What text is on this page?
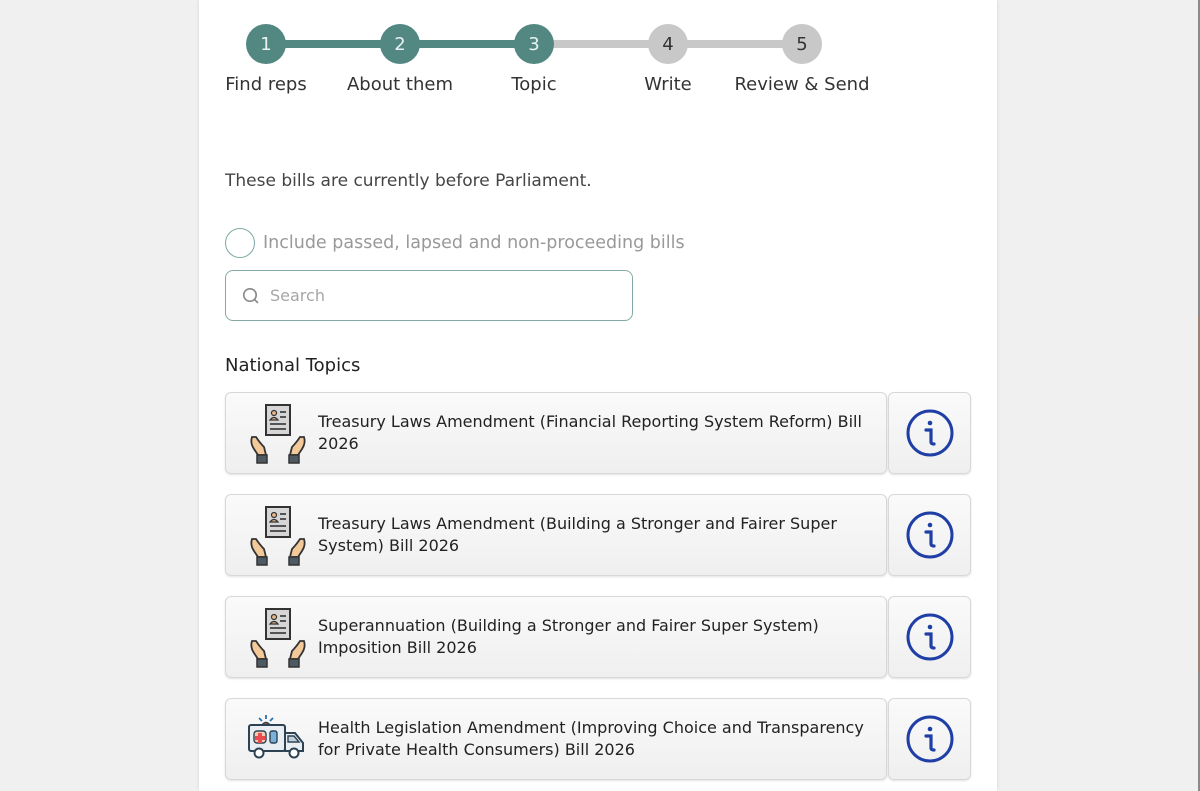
1
Find reps
2
About them
3
Topic
4
Write
5
Review & Send
These bills are currently before Parliament.
Include passed, lapsed and non-proceeding bills
Search
National Topics
Treasury Laws Amendment (Financial Reporting System Reform) Bill 2026
Treasury Laws Amendment (Building a Stronger and Fairer Super System) Bill 2026
Superannuation (Building a Stronger and Fairer Super System) Imposition Bill 2026
Health Legislation Amendment (Improving Choice and Transparency for Private Health Consumers) Bill 2026
